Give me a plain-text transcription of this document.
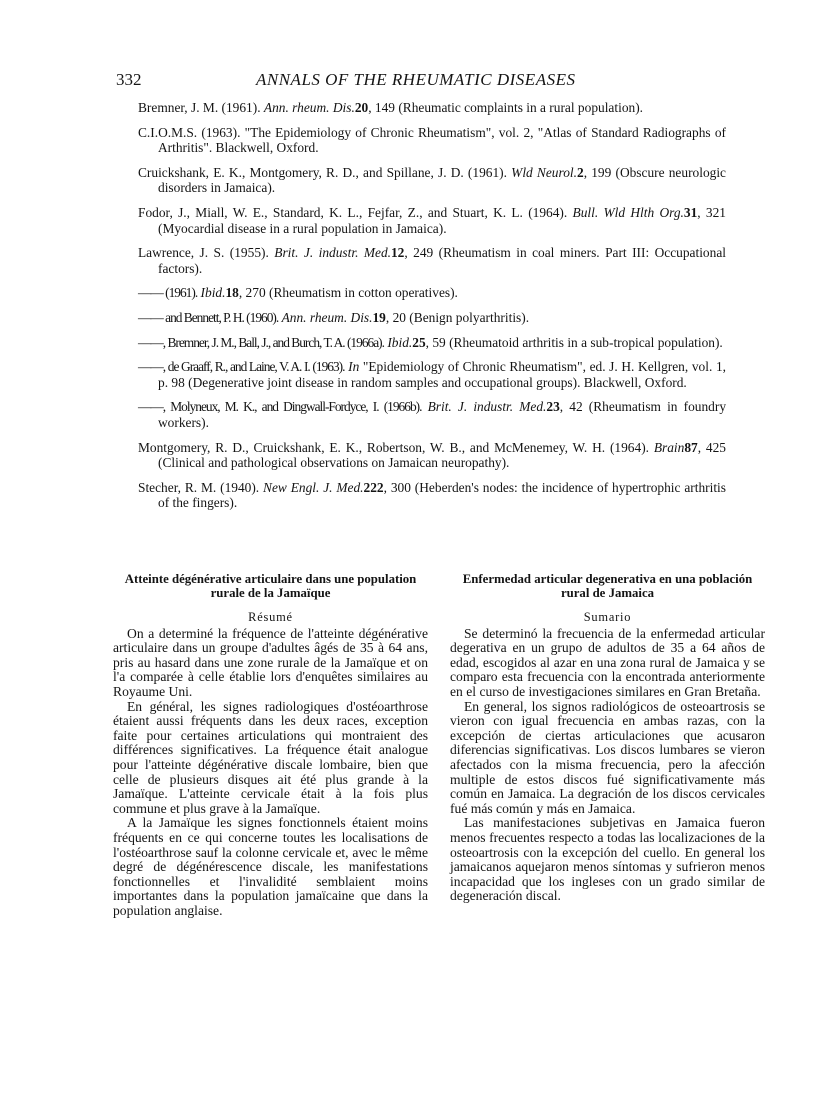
332	ANNALS OF THE RHEUMATIC DISEASES

Bremner, J. M. (1961). Ann. rheum. Dis.20, 149 (Rheumatic complaints in a rural population).

C.I.O.M.S. (1963). "The Epidemiology of Chronic Rheumatism", vol. 2, "Atlas of Standard Radiographs of Arthritis". Blackwell, Oxford.

Cruickshank, E. K., Montgomery, R. D., and Spillane, J. D. (1961). Wld Neurol.2, 199 (Obscure neurologic disorders in Jamaica).

Fodor, J., Miall, W. E., Standard, K. L., Fejfar, Z., and Stuart, K. L. (1964). Bull. Wld Hlth Org.31, 321 (Myocardial disease in a rural population in Jamaica).

Lawrence, J. S. (1955). Brit. J. industr. Med.12, 249 (Rheumatism in coal miners. Part III: Occupational factors).

—— (1961). Ibid.18, 270 (Rheumatism in cotton operatives).

—— and Bennett, P. H. (1960). Ann. rheum. Dis.19, 20 (Benign polyarthritis).

——, Bremner, J. M., Ball, J., and Burch, T. A. (1966a). Ibid.25, 59 (Rheumatoid arthritis in a sub-tropical population).

——, de Graaff, R., and Laine, V. A. I. (1963). In "Epidemiology of Chronic Rheumatism", ed. J. H. Kellgren, vol. 1, p. 98 (Degenerative joint disease in random samples and occupational groups). Blackwell, Oxford.

——, Molyneux, M. K., and Dingwall-Fordyce, I. (1966b). Brit. J. industr. Med.23, 42 (Rheumatism in foundry workers).

Montgomery, R. D., Cruickshank, E. K., Robertson, W. B., and McMenemey, W. H. (1964). Brain87, 425 (Clinical and pathological observations on Jamaican neuropathy).

Stecher, R. M. (1940). New Engl. J. Med.222, 300 (Heberden's nodes: the incidence of hypertrophic arthritis of the fingers).

Atteinte dégénérative articulaire dans une population rurale de la Jamaïque

Résumé

On a determiné la fréquence de l'atteinte dégénérative articulaire dans un groupe d'adultes âgés de 35 à 64 ans, pris au hasard dans une zone rurale de la Jamaïque et on l'a comparée à celle établie lors d'enquêtes similaires au Royaume Uni.

En général, les signes radiologiques d'ostéoarthrose étaient aussi fréquents dans les deux races, exception faite pour certaines articulations qui montraient des différences significatives. La fréquence était analogue pour l'atteinte dégénérative discale lombaire, bien que celle de plusieurs disques ait été plus grande à la Jamaïque. L'atteinte cervicale était à la fois plus commune et plus grave à la Jamaïque.

A la Jamaïque les signes fonctionnels étaient moins fréquents en ce qui concerne toutes les localisations de l'ostéoarthrose sauf la colonne cervicale et, avec le même degré de dégénérescence discale, les manifestations fonctionnelles et l'invalidité semblaient moins importantes dans la population jamaïcaine que dans la population anglaise.

Enfermedad articular degenerativa en una población rural de Jamaica

Sumario

Se determinó la frecuencia de la enfermedad articular degerativa en un grupo de adultos de 35 a 64 años de edad, escogidos al azar en una zona rural de Jamaica y se comparo esta frecuencia con la encontrada anteriormente en el curso de investigaciones similares en Gran Bretaña.

En general, los signos radiológicos de osteoartrosis se vieron con igual frecuencia en ambas razas, con la excepción de ciertas articulaciones que acusaron diferencias significativas. Los discos lumbares se vieron afectados con la misma frecuencia, pero la afección multiple de estos discos fué significativamente más común en Jamaica. La degración de los discos cervicales fué más común y más en Jamaica.

Las manifestaciones subjetivas en Jamaica fueron menos frecuentes respecto a todas las localizaciones de la osteoartrosis con la excepción del cuello. En general los jamaicanos aquejaron menos síntomas y sufrieron menos incapacidad que los ingleses con un grado similar de degeneración discal.
